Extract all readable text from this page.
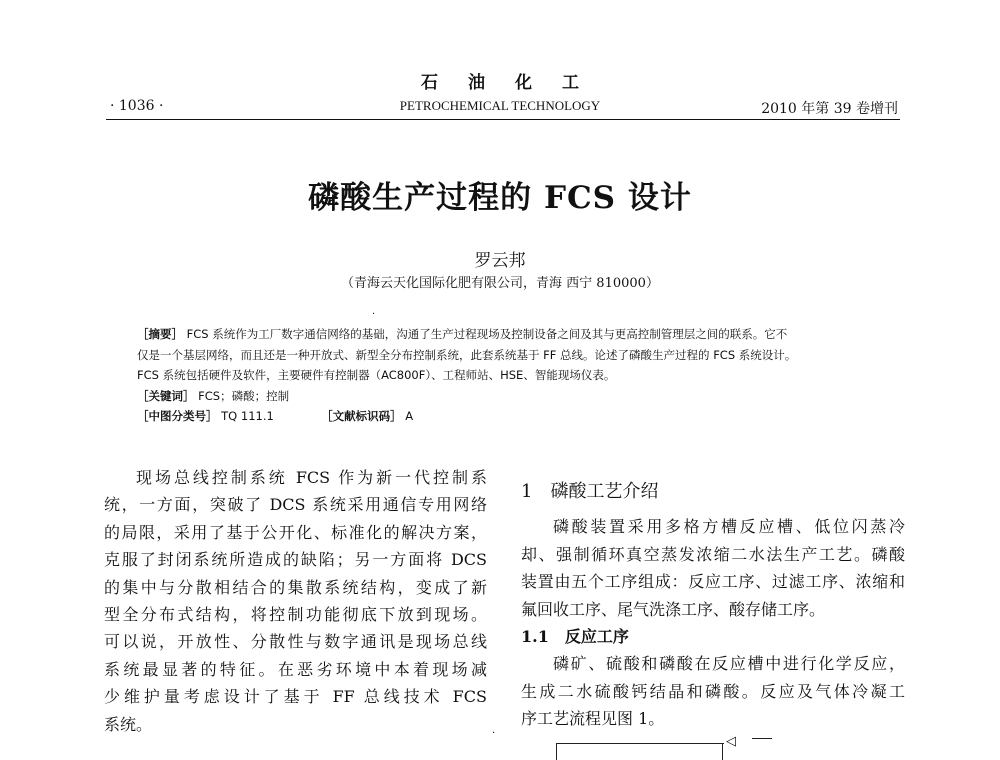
石油化工
· 1036 ·	PETROCHEMICAL TECHNOLOGY	2010 年第 39 卷增刊
磷酸生产过程的 FCS 设计
罗云邦
（青海云天化国际化肥有限公司，青海 西宁 810000）
·
［摘要］ FCS 系统作为工厂数字通信网络的基础，沟通了生产过程现场及控制设备之间及其与更高控制管理层之间的联系。它不
仅是一个基层网络，而且还是一种开放式、新型全分布控制系统，此套系统基于 FF 总线。论述了磷酸生产过程的 FCS 系统设计。
FCS 系统包括硬件及软件，主要硬件有控制器（AC800F）、工程师站、HSE、智能现场仪表。
［关键词］ FCS；磷酸；控制
［中图分类号］ TQ 111.1	［文献标识码］ A
现场总线控制系统 FCS 作为新一代控制系
统，一方面，突破了 DCS 系统采用通信专用网络
的局限，采用了基于公开化、标准化的解决方案，
克服了封闭系统所造成的缺陷；另一方面将 DCS
的集中与分散相结合的集散系统结构，变成了新
型全分布式结构，将控制功能彻底下放到现场。
可以说，开放性、分散性与数字通讯是现场总线
系统最显著的特征。在恶劣环境中本着现场减
少维护量考虑设计了基于 FF 总线技术 FCS
系统。
1　磷酸工艺介绍
磷酸装置采用多格方槽反应槽、低位闪蒸冷
却、强制循环真空蒸发浓缩二水法生产工艺。磷酸
装置由五个工序组成：反应工序、过滤工序、浓缩和
氟回收工序、尾气洗涤工序、酸存储工序。
1.1　反应工序
磷矿、硫酸和磷酸在反应槽中进行化学反应，
生成二水硫酸钙结晶和磷酸。反应及气体冷凝工
序工艺流程见图 1。
·
◁
